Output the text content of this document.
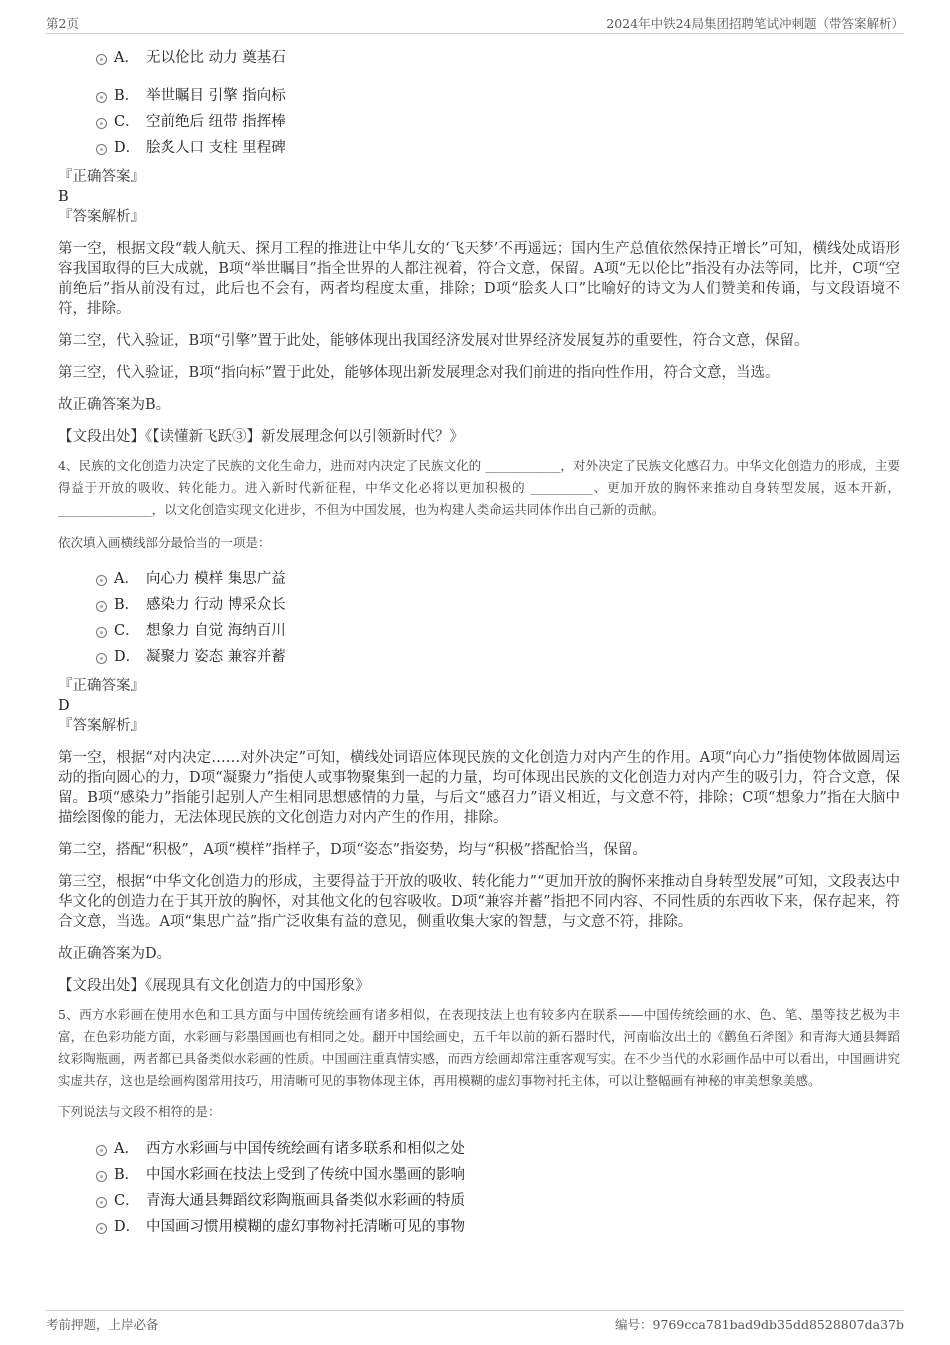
第2页	2024年中铁24局集团招聘笔试冲刺题（带答案解析）
A． 无以伦比 动力 奠基石
B． 举世瞩目 引擎 指向标
C． 空前绝后 纽带 指挥棒
D． 脍炙人口 支柱 里程碑
『正确答案』
B
『答案解析』

第一空，根据文段“载人航天、探月工程的推进让中华儿女的‘飞天梦’不再遥远；国内生产总值依然保持正增长”可知，横线处成语形容我国取得的巨大成就，B项“举世瞩目”指全世界的人都注视着，符合文意，保留。A项“无以伦比”指没有办法等同，比并，C项“空前绝后”指从前没有过，此后也不会有，两者均程度太重，排除；D项“脍炙人口”比喻好的诗文为人们赞美和传诵，与文段语境不符，排除。

第二空，代入验证，B项“引擎”置于此处，能够体现出我国经济发展对世界经济发展复苏的重要性，符合文意，保留。

第三空，代入验证，B项“指向标”置于此处，能够体现出新发展理念对我们前进的指向性作用，符合文意，当选。

故正确答案为B。

【文段出处】《【读懂新飞跃③】新发展理念何以引领新时代？》

4、民族的文化创造力决定了民族的文化生命力，进而对内决定了民族文化的 ____________，对外决定了民族文化感召力。中华文化创造力的形成，主要得益于开放的吸收、转化能力。进入新时代新征程，中华文化必将以更加积极的 __________、更加开放的胸怀来推动自身转型发展，返本开新， _______________，以文化创造实现文化进步，不但为中国发展，也为构建人类命运共同体作出自己新的贡献。

依次填入画横线部分最恰当的一项是：

A． 向心力 模样 集思广益
B． 感染力 行动 博采众长
C． 想象力 自觉 海纳百川
D． 凝聚力 姿态 兼容并蓄
『正确答案』
D
『答案解析』

第一空，根据“对内决定……对外决定”可知，横线处词语应体现民族的文化创造力对内产生的作用。A项“向心力”指使物体做圆周运动的指向圆心的力，D项“凝聚力”指使人或事物聚集到一起的力量，均可体现出民族的文化创造力对内产生的吸引力，符合文意，保留。B项“感染力”指能引起别人产生相同思想感情的力量，与后文“感召力”语义相近，与文意不符，排除；C项“想象力”指在大脑中描绘图像的能力，无法体现民族的文化创造力对内产生的作用，排除。

第二空，搭配“积极”，A项“模样”指样子，D项“姿态”指姿势，均与“积极”搭配恰当，保留。

第三空，根据“中华文化创造力的形成，主要得益于开放的吸收、转化能力”“更加开放的胸怀来推动自身转型发展”可知，文段表达中华文化的创造力在于其开放的胸怀，对其他文化的包容吸收。D项“兼容并蓄”指把不同内容、不同性质的东西收下来，保存起来，符合文意，当选。A项“集思广益”指广泛收集有益的意见，侧重收集大家的智慧，与文意不符，排除。

故正确答案为D。

【文段出处】《展现具有文化创造力的中国形象》

5、西方水彩画在使用水色和工具方面与中国传统绘画有诸多相似，在表现技法上也有较多内在联系——中国传统绘画的水、色、笔、墨等技艺极为丰富，在色彩功能方面，水彩画与彩墨国画也有相同之处。翻开中国绘画史，五千年以前的新石器时代，河南临汝出土的《鹳鱼石斧图》和青海大通县舞蹈纹彩陶瓶画，两者都已具备类似水彩画的性质。中国画注重真情实感，而西方绘画却常注重客观写实。在不少当代的水彩画作品中可以看出，中国画讲究实虚共存，这也是绘画构图常用技巧，用清晰可见的事物体现主体，再用模糊的虚幻事物衬托主体，可以让整幅画有神秘的审美想象美感。

下列说法与文段不相符的是：

A． 西方水彩画与中国传统绘画有诸多联系和相似之处
B． 中国水彩画在技法上受到了传统中国水墨画的影响
C． 青海大通县舞蹈纹彩陶瓶画具备类似水彩画的特质
D． 中国画习惯用模糊的虚幻事物衬托清晰可见的事物
考前押题，上岸必备	编号：9769cca781bad9db35dd8528807da37b
